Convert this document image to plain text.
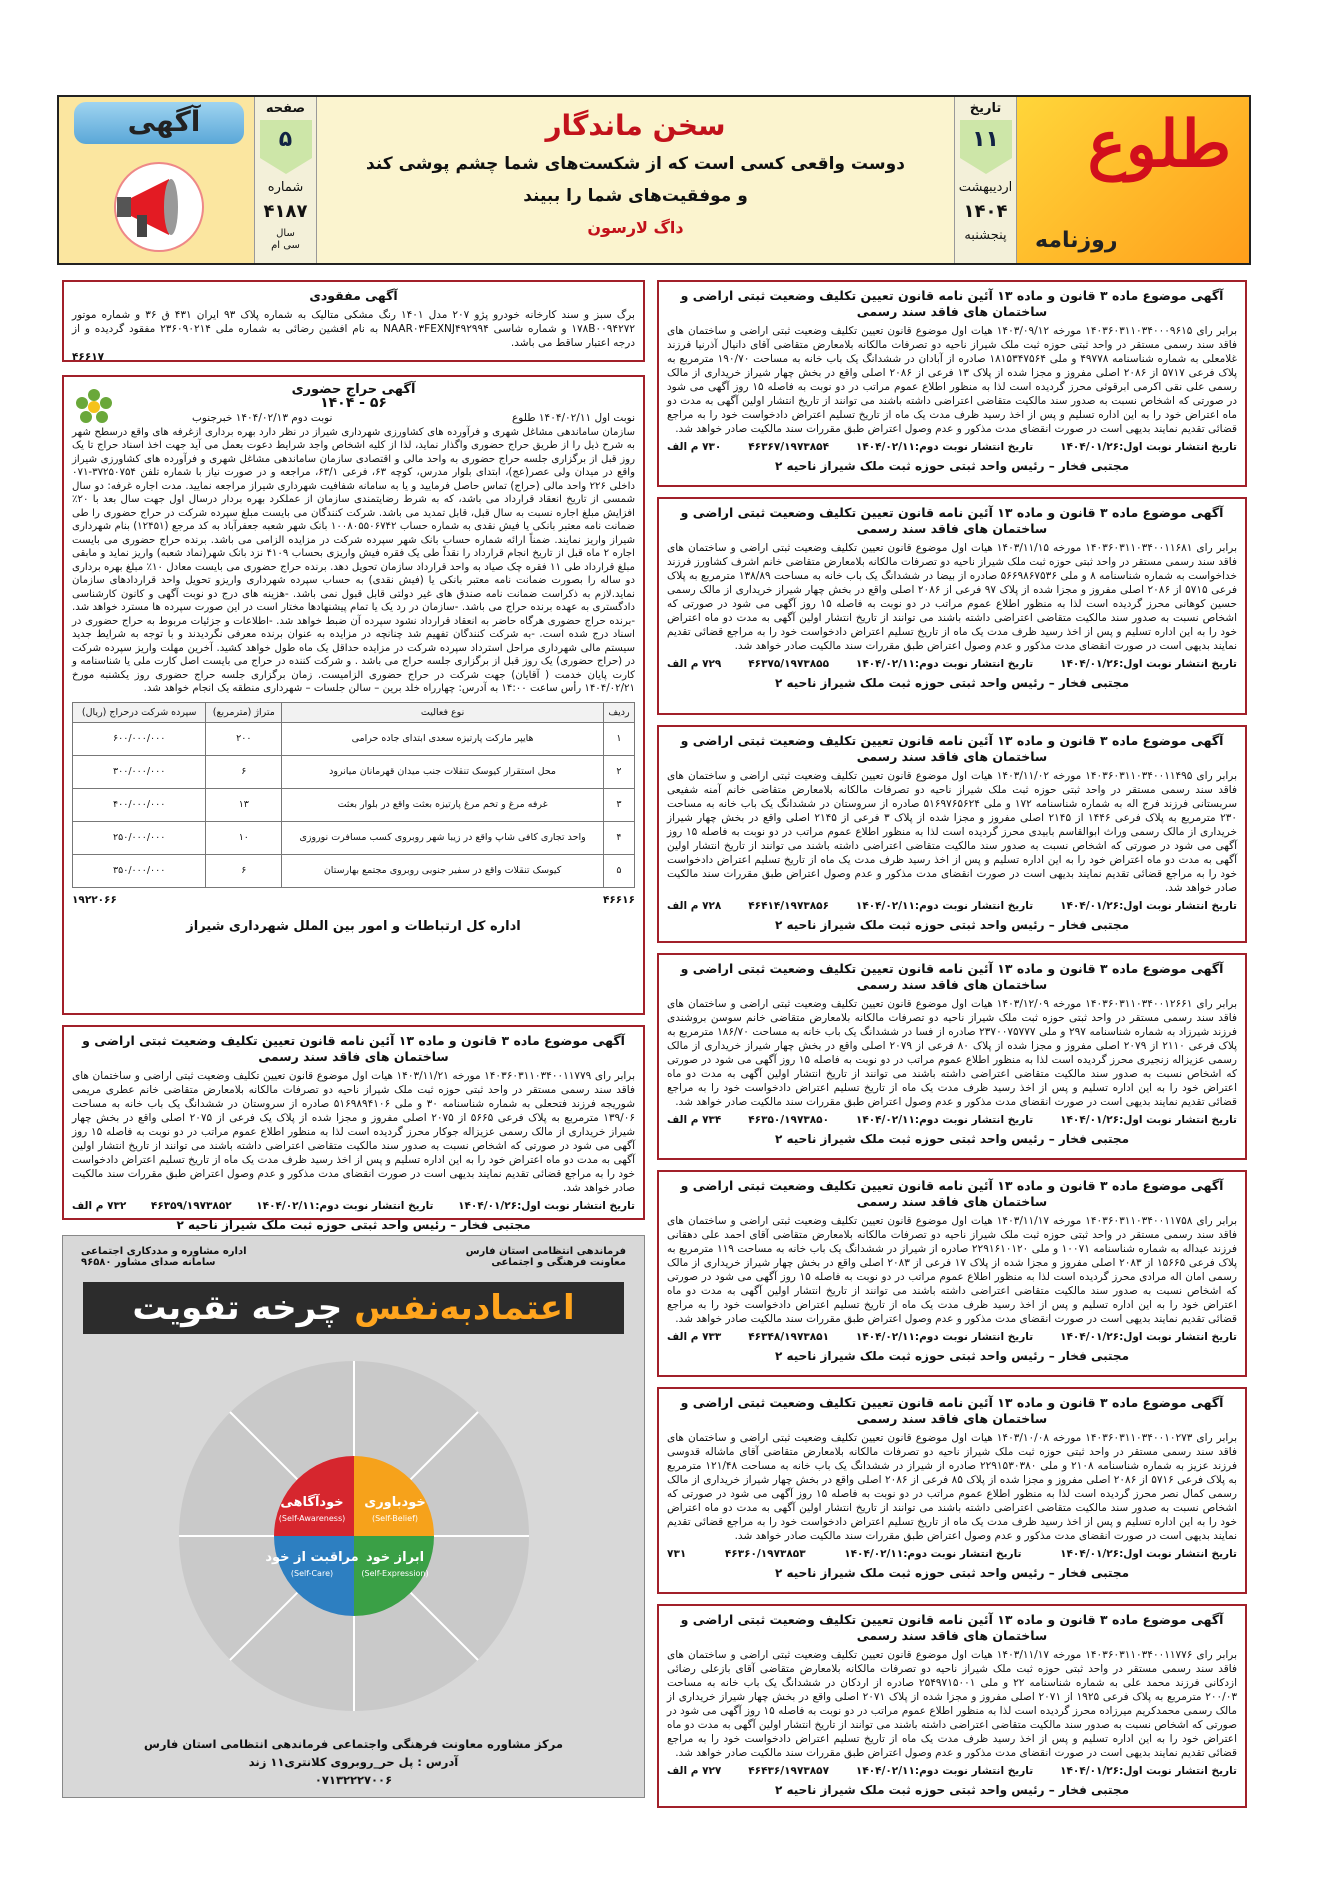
آگهی	صفحه
۵
شماره
۴۱۸۷
سال
سی ام
سخن ماندگار
دوست واقعی کسی است که از شکست‌های شما چشم پوشی کند
و موفقیت‌های شما را ببیند
داگ لارسون
تاریخ
۱۱
اردیبهشت
۱۴۰۴
پنجشنبه
طلوع
روزنامه
آگهی مفقودی
برگ سبز و سند کارخانه خودرو پژو ۲۰۷ مدل ۱۴۰۱ رنگ مشکی متالیک به شماره پلاک ۹۳ ایران ۴۳۱ ق ۳۶ و شماره موتور ۱۷۸B۰۰۹۴۲۷۲ و شماره شاسی NAAR۰۳FEXNJ۴۹۲۹۹۴ به نام افشین رضائی به شماره ملی ۲۳۶۰۹۰۲۱۴ مفقود گردیده و از درجه اعتبار ساقط می باشد.
۴۶۶۱۷
آگهی حراج حضوری
۵۶ - ۱۴۰۴
نوبت اول ۱۴۰۴/۰۲/۱۱ طلوع
نوبت دوم ۱۴۰۴/۰۲/۱۳ خبرجنوب
سازمان ساماندهی مشاغل شهری و فرآورده های کشاورزی شهرداری شیراز در نظر دارد بهره برداری ازغرفه های واقع درسطح شهر به شرح ذیل را از طریق حراج حضوری واگذار نماید، لذا از کلیه اشخاص واجد شرایط دعوت بعمل می آید جهت اخذ اسناد حراج تا یک روز قبل از برگزاری جلسه حراج حضوری به واحد مالی و اقتصادی سازمان ساماندهی مشاغل شهری و فرآورده های کشاورزی شیراز واقع در میدان ولی عصر(عج)، ابتدای بلوار مدرس، کوچه ۶۳، فرعی ۶۳/۱، مراجعه و در صورت نیاز با شماره تلفن ۳۷۲۵۰۷۵۴-۰۷۱ داخلی ۲۲۶ واحد مالی (حراج) تماس حاصل فرمایید و یا به سامانه شفافیت شهرداری شیراز مراجعه نمایید. مدت اجاره غرفه: دو سال شمسی از تاریخ انعقاد قرارداد می باشد، که به شرط رضایتمندی سازمان از عملکرد بهره بردار درسال اول جهت سال بعد با ۲۰٪ افزایش مبلغ اجاره نسبت به سال قبل، قابل تمدید می باشد. شرکت کنندگان می بایست مبلغ سپرده شرکت در حراج حضوری را طی ضمانت نامه معتبر بانکی یا فیش نقدی به شماره حساب ۱۰۰۸۰۵۵۰۶۷۴۲ بانک شهر شعبه جعفرآباد به کد مرجع (۱۲۴۵۱) بنام شهرداری شیراز واریز نمایند. ضمناً ارائه شماره حساب بانک شهر سپرده شرکت در مزایده الزامی می باشد. برنده حراج حضوری می بایست اجاره ۲ ماه قبل از تاریخ انجام قرارداد را نقداً طی یک فقره فیش واریزی بحساب ۴۱۰۹ نزد بانک شهر(نماد شعبه) واریز نماید و مابقی مبلغ قرارداد طی ۱۱ فقره چک صیاد به واحد قرارداد سازمان تحویل دهد. برنده حراج حضوری می بایست معادل ۱۰٪ مبلغ بهره برداری دو ساله را بصورت ضمانت نامه معتبر بانکی یا (فیش نقدی) به حساب سپرده شهرداری واریزو تحویل واحد قراردادهای سازمان نماید.لازم به ذکراست ضمانت نامه صندق های غیر دولتی قابل قبول نمی باشد. -هزینه های درج دو نوبت آگهی و کانون کارشناسی دادگستری به عهده برنده حراج می باشد. -سازمان در رد یک یا تمام پیشنهادها مختار است در این صورت سپرده ها مسترد خواهد شد. -برنده حراج حضوری هرگاه حاضر به انعقاد قرارداد نشود سپرده آن ضبط خواهد شد. -اطلاعات و جزئیات مربوط به حراج حضوری در اسناد درج شده است. -به شرکت کنندگان تفهیم شد چنانچه در مزایده به عنوان برنده معرفی نگردیدند و با توجه به شرایط جدید سیستم مالی شهرداری مراحل استرداد سپرده شرکت در مزایده حداقل یک ماه طول خواهد کشید. آخرین مهلت واریز سپرده شرکت در (حراج حضوری) یک روز قبل از برگزاری جلسه حراج می باشد . و شرکت کننده در حراج می بایست اصل کارت ملی یا شناسنامه و کارت پایان خدمت ( آقایان) جهت شرکت در حراج حضوری الزامیست. زمان برگزاری جلسه حراج حضوری روز یکشنبه مورخ ۱۴۰۴/۰۲/۲۱ رأس ساعت ۱۴:۰۰ به آدرس: چهارراه خلد برین – سالن جلسات – شهرداری منطقه یک انجام خواهد شد.
ردیف	نوع فعالیت	متراژ (مترمربع)	سپرده شرکت درحراج (ریال)
۱	هایپر مارکت پارتیزه سعدی ابتدای جاده حرامی	۲۰۰	۶۰۰/۰۰۰/۰۰۰
۲	محل استقرار کیوسک تنقلات جنب میدان قهرمانان میانرود	۶	۳۰۰/۰۰۰/۰۰۰
۳	غرفه مرغ و تخم مرغ پارتیزه بعثت واقع در بلوار بعثت	۱۳	۴۰۰/۰۰۰/۰۰۰
۴	واحد تجاری کافی شاپ واقع در زیبا شهر روبروی کسب مسافرت نوروزی	۱۰	۲۵۰/۰۰۰/۰۰۰
۵	کیوسک تنقلات واقع در سفیر جنوبی روبروی مجتمع بهارستان	۶	۳۵۰/۰۰۰/۰۰۰
۴۶۶۱۶
۱۹۲۲۰۶۶
اداره کل ارتباطات و امور بین الملل شهرداری شیراز
آگهی موضوع ماده ۳ قانون و ماده ۱۳ آئین نامه قانون تعیین تکلیف وضعیت ثبتی اراضی و ساختمان های فاقد سند رسمی
برابر رای ۱۴۰۳۶۰۳۱۱۰۳۴۰۰۱۱۷۷۹ مورخه ۱۴۰۳/۱۱/۲۱ هیات اول موضوع قانون تعیین تکلیف وضعیت ثبتی اراضی و ساختمان های فاقد سند رسمی مستقر در واحد ثبتی حوزه ثبت ملک شیراز ناحیه دو تصرفات مالکانه بلامعارض متقاضی خانم عطری مریمی شوریجه فرزند فتحعلی به شماره شناسنامه ۳۰ و ملی ۵۱۶۹۸۹۴۱۰۶ صادره از سروستان در ششدانگ یک باب خانه به مساحت ۱۳۹/۰۶ مترمربع به پلاک فرعی ۵۶۶۵ از ۲۰۷۵ اصلی مفروز و مجزا شده از پلاک یک فرعی از ۲۰۷۵ اصلی واقع در بخش چهار شیراز خریداری از مالک رسمی عزیزاله جوکار محرز گردیده است لذا به منظور اطلاع عموم مراتب در دو نوبت به فاصله ۱۵ روز آگهی می شود در صورتی که اشخاص نسبت به صدور سند مالکیت متقاضی اعتراضی داشته باشند می توانند از تاریخ انتشار اولین آگهی به مدت دو ماه اعتراض خود را به این اداره تسلیم و پس از اخذ رسید ظرف مدت یک ماه از تاریخ تسلیم اعتراض دادخواست خود را به مراجع قضائی تقدیم نمایند بدیهی است در صورت انقضای مدت مذکور و عدم وصول اعتراض طبق مقررات سند مالکیت صادر خواهد شد.
تاریخ انتشار نوبت اول:۱۴۰۴/۰۱/۲۶
تاریخ انتشار نوبت دوم:۱۴۰۴/۰۲/۱۱
۴۶۳۵۹/۱۹۷۳۸۵۲
۷۳۲ م الف
مجتبی فخار – رئیس واحد ثبتی حوزه ثبت ملک شیراز ناحیه ۲
فرماندهی انتظامی استان فارس
معاونت فرهنگی و اجتماعی
اداره مشاوره و مددکاری اجتماعی
سامانه صدای مشاور ۹۶۵۸۰
اعتمادبه‌نفس چرخه تقویت
خودآگاهی
(Self-Awareness)
خودباوری
(Self-Belief)
مراقبت از خود
(Self-Care)
ابراز خود
(Self-Expression)
مرکز مشاوره معاونت فرهنگی واجتماعی فرماندهی انتظامی استان فارس
آدرس : پل حر_روبروی کلانتری۱۱ زند
۰۷۱۳۲۲۲۷۰۰۶
آگهی موضوع ماده ۳ قانون و ماده ۱۳ آئین نامه قانون تعیین تکلیف وضعیت ثبتی اراضی و ساختمان های فاقد سند رسمی
برابر رای ۱۴۰۳۶۰۳۱۱۰۳۴۰۰۰۹۶۱۵ مورخه ۱۴۰۳/۰۹/۱۲ هیات اول موضوع قانون تعیین تکلیف وضعیت ثبتی اراضی و ساختمان های فاقد سند رسمی مستقر در واحد ثبتی حوزه ثبت ملک شیراز ناحیه دو تصرفات مالکانه بلامعارض متقاضی آقای دانیال آذرنیا فرزند غلامعلی به شماره شناسنامه ۴۹۷۷۸ و ملی ۱۸۱۵۳۴۷۵۶۴ صادره از آبادان در ششدانگ یک باب خانه به مساحت ۱۹۰/۷۰ مترمربع به پلاک فرعی ۵۷۱۷ از ۲۰۸۶ اصلی مفروز و مجزا شده از پلاک ۱۳ فرعی از ۲۰۸۶ اصلی واقع در بخش چهار شیراز خریداری از مالک رسمی علی نقی اکرمی ابرقوئی محرز گردیده است لذا به منظور اطلاع عموم مراتب در دو نوبت به فاصله ۱۵ روز آگهی می شود در صورتی که اشخاص نسبت به صدور سند مالکیت متقاضی اعتراضی داشته باشند می توانند از تاریخ انتشار اولین آگهی به مدت دو ماه اعتراض خود را به این اداره تسلیم و پس از اخذ رسید ظرف مدت یک ماه از تاریخ تسلیم اعتراض دادخواست خود را به مراجع قضائی تقدیم نمایند بدیهی است در صورت انقضای مدت مذکور و عدم وصول اعتراض طبق مقررات سند مالکیت صادر خواهد شد.
تاریخ انتشار نوبت اول:۱۴۰۴/۰۱/۲۶
تاریخ انتشار نوبت دوم:۱۴۰۴/۰۲/۱۱
۴۶۳۶۷/۱۹۷۳۸۵۴
۷۳۰ م الف
مجتبی فخار – رئیس واحد ثبتی حوزه ثبت ملک شیراز ناحیه ۲
آگهی موضوع ماده ۳ قانون و ماده ۱۳ آئین نامه قانون تعیین تکلیف وضعیت ثبتی اراضی و ساختمان های فاقد سند رسمی
برابر رای ۱۴۰۳۶۰۳۱۱۰۳۴۰۰۱۱۶۸۱ مورخه ۱۴۰۳/۱۱/۱۵ هیات اول موضوع قانون تعیین تکلیف وضعیت ثبتی اراضی و ساختمان های فاقد سند رسمی مستقر در واحد ثبتی حوزه ثبت ملک شیراز ناحیه دو تصرفات مالکانه بلامعارض متقاضی خانم اشرف کشاورز فرزند خداخواست به شماره شناسنامه ۸ و ملی ۵۶۶۹۸۶۷۵۳۶ صادره از بیضا در ششدانگ یک باب خانه به مساحت ۱۳۸/۸۹ مترمربع به پلاک فرعی ۵۷۱۵ از ۲۰۸۶ اصلی مفروز و مجزا شده از پلاک ۹۷ فرعی از ۲۰۸۶ اصلی واقع در بخش چهار شیراز خریداری از مالک رسمی حسین کوهانی محرز گردیده است لذا به منظور اطلاع عموم مراتب در دو نوبت به فاصله ۱۵ روز آگهی می شود در صورتی که اشخاص نسبت به صدور سند مالکیت متقاضی اعتراضی داشته باشند می توانند از تاریخ انتشار اولین آگهی به مدت دو ماه اعتراض خود را به این اداره تسلیم و پس از اخذ رسید ظرف مدت یک ماه از تاریخ تسلیم اعتراض دادخواست خود را به مراجع قضائی تقدیم نمایند بدیهی است در صورت انقضای مدت مذکور و عدم وصول اعتراض طبق مقررات سند مالکیت صادر خواهد شد.
تاریخ انتشار نوبت اول:۱۴۰۴/۰۱/۲۶
تاریخ انتشار نوبت دوم:۱۴۰۴/۰۲/۱۱
۴۶۳۷۵/۱۹۷۳۸۵۵
۷۲۹ م الف
مجتبی فخار – رئیس واحد ثبتی حوزه ثبت ملک شیراز ناحیه ۲
آگهی موضوع ماده ۳ قانون و ماده ۱۳ آئین نامه قانون تعیین تکلیف وضعیت ثبتی اراضی و ساختمان های فاقد سند رسمی
برابر رای ۱۴۰۳۶۰۳۱۱۰۳۴۰۰۱۱۴۹۵ مورخه ۱۴۰۳/۱۱/۰۲ هیات اول موضوع قانون تعیین تکلیف وضعیت ثبتی اراضی و ساختمان های فاقد سند رسمی مستقر در واحد ثبتی حوزه ثبت ملک شیراز ناحیه دو تصرفات مالکانه بلامعارض متقاضی خانم آمنه شفیعی سربستانی فرزند فرج اله به شماره شناسنامه ۱۷۲ و ملی ۵۱۶۹۷۶۵۶۲۴ صادره از سروستان در ششدانگ یک باب خانه به مساحت ۲۳۰ مترمربع به پلاک فرعی ۱۴۴۶ از ۲۱۴۵ اصلی مفروز و مجزا شده از پلاک ۳ فرعی از ۲۱۴۵ اصلی واقع در بخش چهار شیراز خریداری از مالک رسمی وراث ابوالقاسم بابیدی محرز گردیده است لذا به منظور اطلاع عموم مراتب در دو نوبت به فاصله ۱۵ روز آگهی می شود در صورتی که اشخاص نسبت به صدور سند مالکیت متقاضی اعتراضی داشته باشند می توانند از تاریخ انتشار اولین آگهی به مدت دو ماه اعتراض خود را به این اداره تسلیم و پس از اخذ رسید ظرف مدت یک ماه از تاریخ تسلیم اعتراض دادخواست خود را به مراجع قضائی تقدیم نمایند بدیهی است در صورت انقضای مدت مذکور و عدم وصول اعتراض طبق مقررات سند مالکیت صادر خواهد شد.
تاریخ انتشار نوبت اول:۱۴۰۴/۰۱/۲۶
تاریخ انتشار نوبت دوم:۱۴۰۴/۰۲/۱۱
۴۶۴۱۴/۱۹۷۳۸۵۶
۷۲۸ م الف
مجتبی فخار – رئیس واحد ثبتی حوزه ثبت ملک شیراز ناحیه ۲
آگهی موضوع ماده ۳ قانون و ماده ۱۳ آئین نامه قانون تعیین تکلیف وضعیت ثبتی اراضی و ساختمان های فاقد سند رسمی
برابر رای ۱۴۰۳۶۰۳۱۱۰۳۴۰۰۱۲۶۶۱ مورخه ۱۴۰۳/۱۲/۰۹ هیات اول موضوع قانون تعیین تکلیف وضعیت ثبتی اراضی و ساختمان های فاقد سند رسمی مستقر در واحد ثبتی حوزه ثبت ملک شیراز ناحیه دو تصرفات مالکانه بلامعارض متقاضی خانم سوسن بروشندی فرزند شیرزاد به شماره شناسنامه ۲۹۷ و ملی ۲۳۷۰۰۷۵۷۷۷ صادره از فسا در ششدانگ یک باب خانه به مساحت ۱۸۶/۷۰ مترمربع به پلاک فرعی ۲۱۱۰ از ۲۰۷۹ اصلی مفروز و مجزا شده از پلاک ۸۰ فرعی از ۲۰۷۹ اصلی واقع در بخش چهار شیراز خریداری از مالک رسمی عزیزاله زنجیری محرز گردیده است لذا به منظور اطلاع عموم مراتب در دو نوبت به فاصله ۱۵ روز آگهی می شود در صورتی که اشخاص نسبت به صدور سند مالکیت متقاضی اعتراضی داشته باشند می توانند از تاریخ انتشار اولین آگهی به مدت دو ماه اعتراض خود را به این اداره تسلیم و پس از اخذ رسید ظرف مدت یک ماه از تاریخ تسلیم اعتراض دادخواست خود را به مراجع قضائی تقدیم نمایند بدیهی است در صورت انقضای مدت مذکور و عدم وصول اعتراض طبق مقررات سند مالکیت صادر خواهد شد.
تاریخ انتشار نوبت اول:۱۴۰۴/۰۱/۲۶
تاریخ انتشار نوبت دوم:۱۴۰۴/۰۲/۱۱
۴۶۳۵۰/۱۹۷۳۸۵۰
۷۳۴ م الف
مجتبی فخار – رئیس واحد ثبتی حوزه ثبت ملک شیراز ناحیه ۲
آگهی موضوع ماده ۳ قانون و ماده ۱۳ آئین نامه قانون تعیین تکلیف وضعیت ثبتی اراضی و ساختمان های فاقد سند رسمی
برابر رای ۱۴۰۳۶۰۳۱۱۰۳۴۰۰۱۱۷۵۸ مورخه ۱۴۰۳/۱۱/۱۷ هیات اول موضوع قانون تعیین تکلیف وضعیت ثبتی اراضی و ساختمان های فاقد سند رسمی مستقر در واحد ثبتی حوزه ثبت ملک شیراز ناحیه دو تصرفات مالکانه بلامعارض متقاضی آقای احمد علی دهقانی فرزند عبداله به شماره شناسنامه ۱۰۰۷۱ و ملی ۲۲۹۱۶۱۰۱۲۰ صادره از شیراز در ششدانگ یک باب خانه به مساحت ۱۱۹ مترمربع به پلاک فرعی ۱۵۶۶۵ از ۲۰۸۳ اصلی مفروز و مجزا شده از پلاک ۱۷ فرعی از ۲۰۸۳ اصلی واقع در بخش چهار شیراز خریداری از مالک رسمی امان اله مرادی محرز گردیده است لذا به منظور اطلاع عموم مراتب در دو نوبت به فاصله ۱۵ روز آگهی می شود در صورتی که اشخاص نسبت به صدور سند مالکیت متقاضی اعتراضی داشته باشند می توانند از تاریخ انتشار اولین آگهی به مدت دو ماه اعتراض خود را به این اداره تسلیم و پس از اخذ رسید ظرف مدت یک ماه از تاریخ تسلیم اعتراض دادخواست خود را به مراجع قضائی تقدیم نمایند بدیهی است در صورت انقضای مدت مذکور و عدم وصول اعتراض طبق مقررات سند مالکیت صادر خواهد شد.
تاریخ انتشار نوبت اول:۱۴۰۴/۰۱/۲۶
تاریخ انتشار نوبت دوم:۱۴۰۴/۰۲/۱۱
۴۶۳۴۸/۱۹۷۳۸۵۱
۷۳۳ م الف
مجتبی فخار – رئیس واحد ثبتی حوزه ثبت ملک شیراز ناحیه ۲
آگهی موضوع ماده ۳ قانون و ماده ۱۳ آئین نامه قانون تعیین تکلیف وضعیت ثبتی اراضی و ساختمان های فاقد سند رسمی
برابر رای ۱۴۰۳۶۰۳۱۱۰۳۴۰۰۱۰۲۷۳ مورخه ۱۴۰۳/۱۰/۰۸ هیات اول موضوع قانون تعیین تکلیف وضعیت ثبتی اراضی و ساختمان های فاقد سند رسمی مستقر در واحد ثبتی حوزه ثبت ملک شیراز ناحیه دو تصرفات مالکانه بلامعارض متقاضی آقای ماشاله قدوسی فرزند عزیز به شماره شناسنامه ۲۱۰۸ و ملی ۲۲۹۱۵۳۰۳۸۰ صادره از شیراز در ششدانگ یک باب خانه به مساحت ۱۲۱/۴۸ مترمربع به پلاک فرعی ۵۷۱۶ از ۲۰۸۶ اصلی مفروز و مجزا شده از پلاک ۸۵ فرعی از ۲۰۸۶ اصلی واقع در بخش چهار شیراز خریداری از مالک رسمی کمال نصر محرز گردیده است لذا به منظور اطلاع عموم مراتب در دو نوبت به فاصله ۱۵ روز آگهی می شود در صورتی که اشخاص نسبت به صدور سند مالکیت متقاضی اعتراضی داشته باشند می توانند از تاریخ انتشار اولین آگهی به مدت دو ماه اعتراض خود را به این اداره تسلیم و پس از اخذ رسید ظرف مدت یک ماه از تاریخ تسلیم اعتراض دادخواست خود را به مراجع قضائی تقدیم نمایند بدیهی است در صورت انقضای مدت مذکور و عدم وصول اعتراض طبق مقررات سند مالکیت صادر خواهد شد.
تاریخ انتشار نوبت اول:۱۴۰۴/۰۱/۲۶
تاریخ انتشار نوبت دوم:۱۴۰۴/۰۲/۱۱
۴۶۳۶۰/۱۹۷۳۸۵۳
۷۳۱
مجتبی فخار – رئیس واحد ثبتی حوزه ثبت ملک شیراز ناحیه ۲
آگهی موضوع ماده ۳ قانون و ماده ۱۳ آئین نامه قانون تعیین تکلیف وضعیت ثبتی اراضی و ساختمان های فاقد سند رسمی
برابر رای ۱۴۰۳۶۰۳۱۱۰۳۴۰۰۱۱۷۷۶ مورخه ۱۴۰۳/۱۱/۱۷ هیات اول موضوع قانون تعیین تکلیف وضعیت ثبتی اراضی و ساختمان های فاقد سند رسمی مستقر در واحد ثبتی حوزه ثبت ملک شیراز ناحیه دو تصرفات مالکانه بلامعارض متقاضی آقای بازعلی رضائی ازدکانی فرزند محمد علی به شماره شناسنامه ۲۲ و ملی ۲۵۴۹۷۱۵۰۰۱ صادره از اردکان در ششدانگ یک باب خانه به مساحت ۲۰۰/۰۳ مترمربع به پلاک فرعی ۱۹۲۵ از ۲۰۷۱ اصلی مفروز و مجزا شده از پلاک ۲۰۷۱ اصلی واقع در بخش چهار شیراز خریداری از مالک رسمی محمدکریم میرزاده محرز گردیده است لذا به منظور اطلاع عموم مراتب در دو نوبت به فاصله ۱۵ روز آگهی می شود در صورتی که اشخاص نسبت به صدور سند مالکیت متقاضی اعتراضی داشته باشند می توانند از تاریخ انتشار اولین آگهی به مدت دو ماه اعتراض خود را به این اداره تسلیم و پس از اخذ رسید ظرف مدت یک ماه از تاریخ تسلیم اعتراض دادخواست خود را به مراجع قضائی تقدیم نمایند بدیهی است در صورت انقضای مدت مذکور و عدم وصول اعتراض طبق مقررات سند مالکیت صادر خواهد شد.
تاریخ انتشار نوبت اول:۱۴۰۴/۰۱/۲۶
تاریخ انتشار نوبت دوم:۱۴۰۴/۰۲/۱۱
۴۶۴۳۶/۱۹۷۳۸۵۷
۷۲۷ م الف
مجتبی فخار – رئیس واحد ثبتی حوزه ثبت ملک شیراز ناحیه ۲
